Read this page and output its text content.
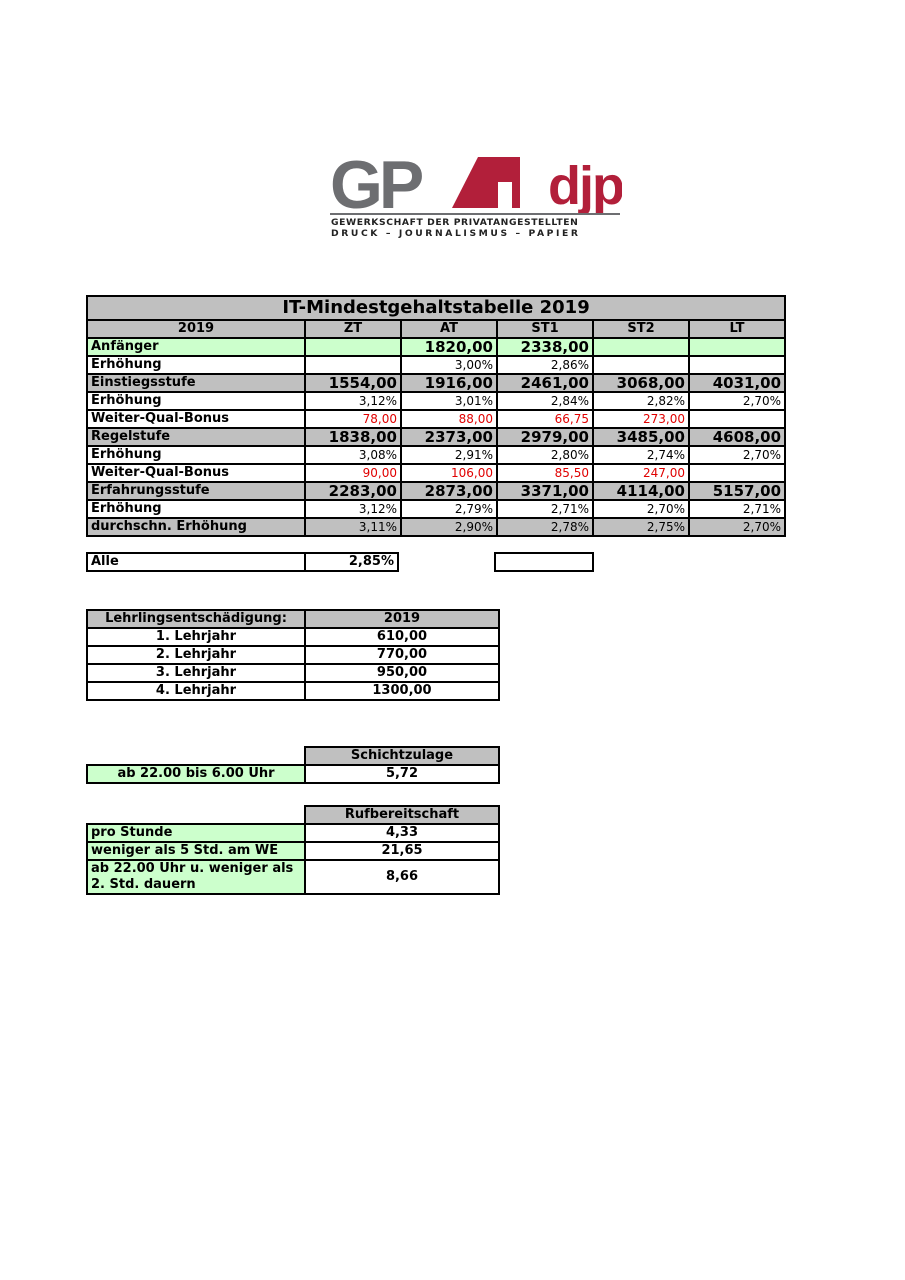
GP djp
GEWERKSCHAFT DER PRIVATANGESTELLTEN
DRUCK – JOURNALISMUS – PAPIER
IT-Mindestgehaltstabelle 2019					
2019	ZT	AT	ST1	ST2	LT
Anfänger		1820,00	2338,00		
Erhöhung		3,00%	2,86%		
Einstiegsstufe	1554,00	1916,00	2461,00	3068,00	4031,00
Erhöhung	3,12%	3,01%	2,84%	2,82%	2,70%
Weiter-Qual-Bonus	78,00	88,00	66,75	273,00	
Regelstufe	1838,00	2373,00	2979,00	3485,00	4608,00
Erhöhung	3,08%	2,91%	2,80%	2,74%	2,70%
Weiter-Qual-Bonus	90,00	106,00	85,50	247,00	
Erfahrungsstufe	2283,00	2873,00	3371,00	4114,00	5157,00
Erhöhung	3,12%	2,79%	2,71%	2,70%	2,71%
durchschn. Erhöhung	3,11%	2,90%	2,78%	2,75%	2,70%
Alle	2,85%
Lehrlingsentschädigung:	2019
1. Lehrjahr	610,00
2. Lehrjahr	770,00
3. Lehrjahr	950,00
4. Lehrjahr	1300,00
	Schichtzulage
ab 22.00 bis 6.00 Uhr	5,72
	Rufbereitschaft
pro Stunde	4,33
weniger als 5 Std. am WE	21,65
ab 22.00 Uhr u. weniger als 2. Std. dauern	8,66
